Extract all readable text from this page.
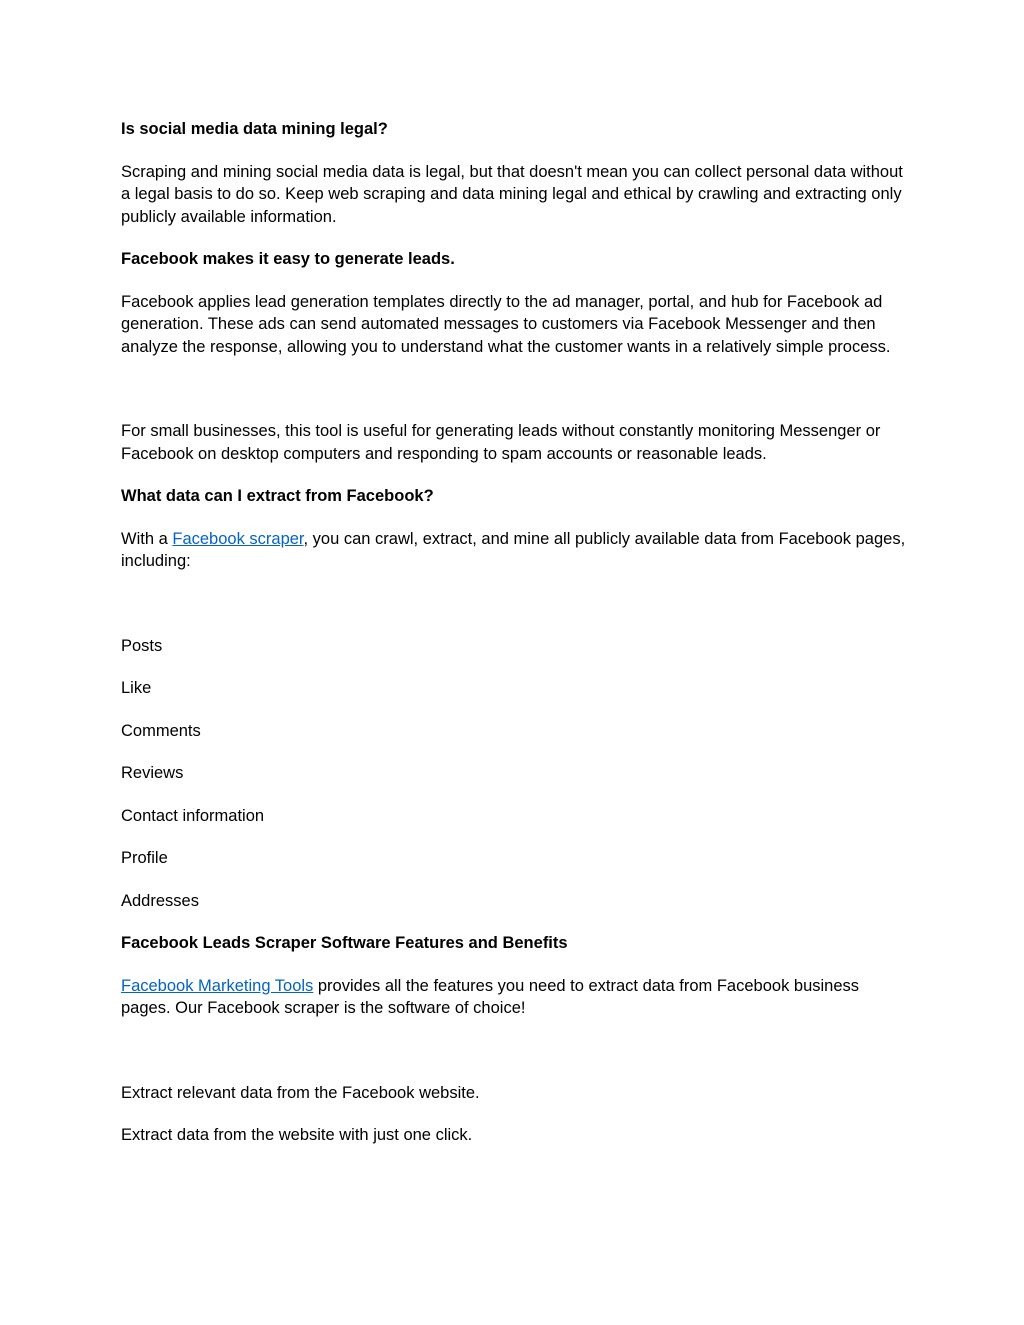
Is social media data mining legal?

Scraping and mining social media data is legal, but that doesn't mean you can collect personal data without a legal basis to do so. Keep web scraping and data mining legal and ethical by crawling and extracting only publicly available information.

Facebook makes it easy to generate leads.

Facebook applies lead generation templates directly to the ad manager, portal, and hub for Facebook ad generation. These ads can send automated messages to customers via Facebook Messenger and then analyze the response, allowing you to understand what the customer wants in a relatively simple process.

For small businesses, this tool is useful for generating leads without constantly monitoring Messenger or Facebook on desktop computers and responding to spam accounts or reasonable leads.

What data can I extract from Facebook?

With a Facebook scraper, you can crawl, extract, and mine all publicly available data from Facebook pages, including:

Posts

Like

Comments

Reviews

Contact information

Profile

Addresses

Facebook Leads Scraper Software Features and Benefits

Facebook Marketing Tools provides all the features you need to extract data from Facebook business pages. Our Facebook scraper is the software of choice!

Extract relevant data from the Facebook website.

Extract data from the website with just one click.
